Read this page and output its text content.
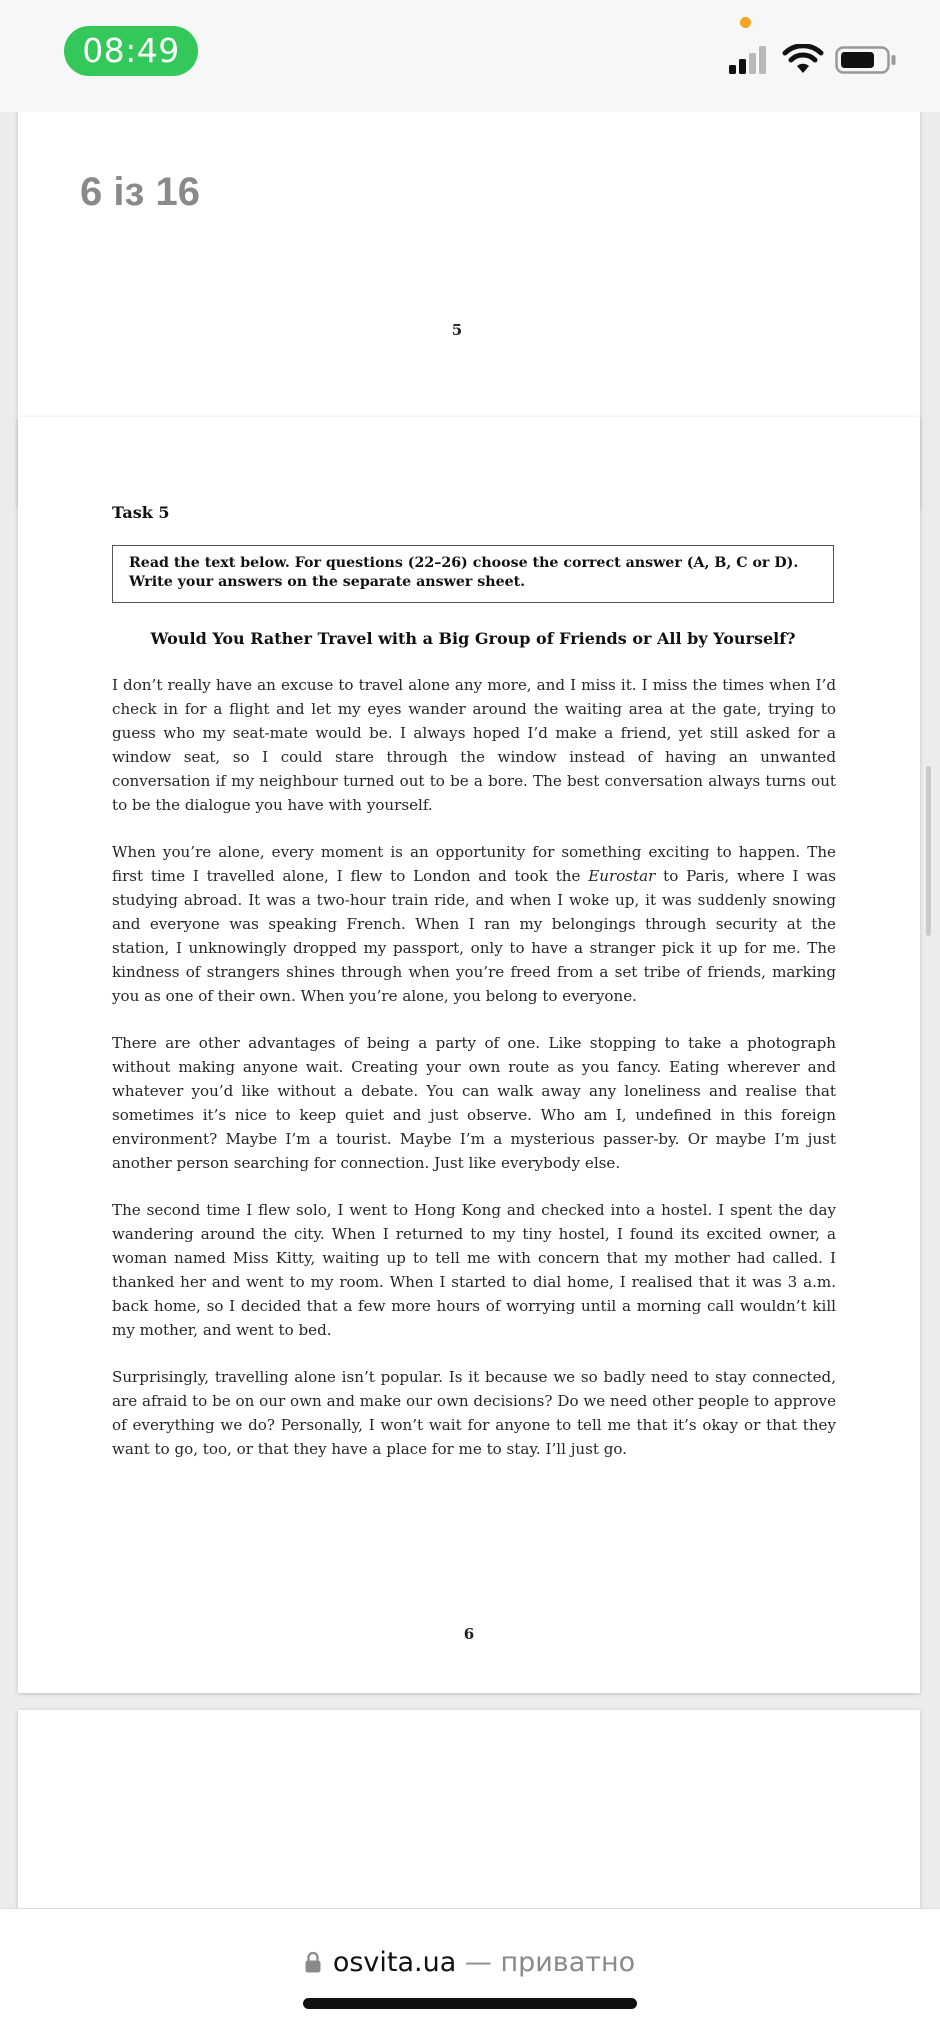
08:49
6 із 16
5
Task 5
Read the text below. For questions (22–26) choose the correct answer (A, B, C or D). Write your answers on the separate answer sheet.
Would You Rather Travel with a Big Group of Friends or All by Yourself?

I don’t really have an excuse to travel alone any more, and I miss it. I miss the times when I’d check in for a flight and let my eyes wander around the waiting area at the gate, trying to guess who my seat-mate would be. I always hoped I’d make a friend, yet still asked for a window seat, so I could stare through the window instead of having an unwanted conversation if my neighbour turned out to be a bore. The best conversation always turns out to be the dialogue you have with yourself.

When you’re alone, every moment is an opportunity for something exciting to happen. The first time I travelled alone, I flew to London and took the Eurostar to Paris, where I was studying abroad. It was a two-hour train ride, and when I woke up, it was suddenly snowing and everyone was speaking French. When I ran my belongings through security at the station, I unknowingly dropped my passport, only to have a stranger pick it up for me. The kindness of strangers shines through when you’re freed from a set tribe of friends, marking you as one of their own. When you’re alone, you belong to everyone.

There are other advantages of being a party of one. Like stopping to take a photograph without making anyone wait. Creating your own route as you fancy. Eating wherever and whatever you’d like without a debate. You can walk away any loneliness and realise that sometimes it’s nice to keep quiet and just observe. Who am I, undefined in this foreign environment? Maybe I’m a tourist. Maybe I’m a mysterious passer-by. Or maybe I’m just another person searching for connection. Just like everybody else.

The second time I flew solo, I went to Hong Kong and checked into a hostel. I spent the day wandering around the city. When I returned to my tiny hostel, I found its excited owner, a woman named Miss Kitty, waiting up to tell me with concern that my mother had called. I thanked her and went to my room. When I started to dial home, I realised that it was 3 a.m. back home, so I decided that a few more hours of worrying until a morning call wouldn’t kill my mother, and went to bed.

Surprisingly, travelling alone isn’t popular. Is it because we so badly need to stay connected, are afraid to be on our own and make our own decisions? Do we need other people to approve of everything we do? Personally, I won’t wait for anyone to tell me that it’s okay or that they want to go, too, or that they have a place for me to stay. I’ll just go.

6
osvita.ua — приватно
